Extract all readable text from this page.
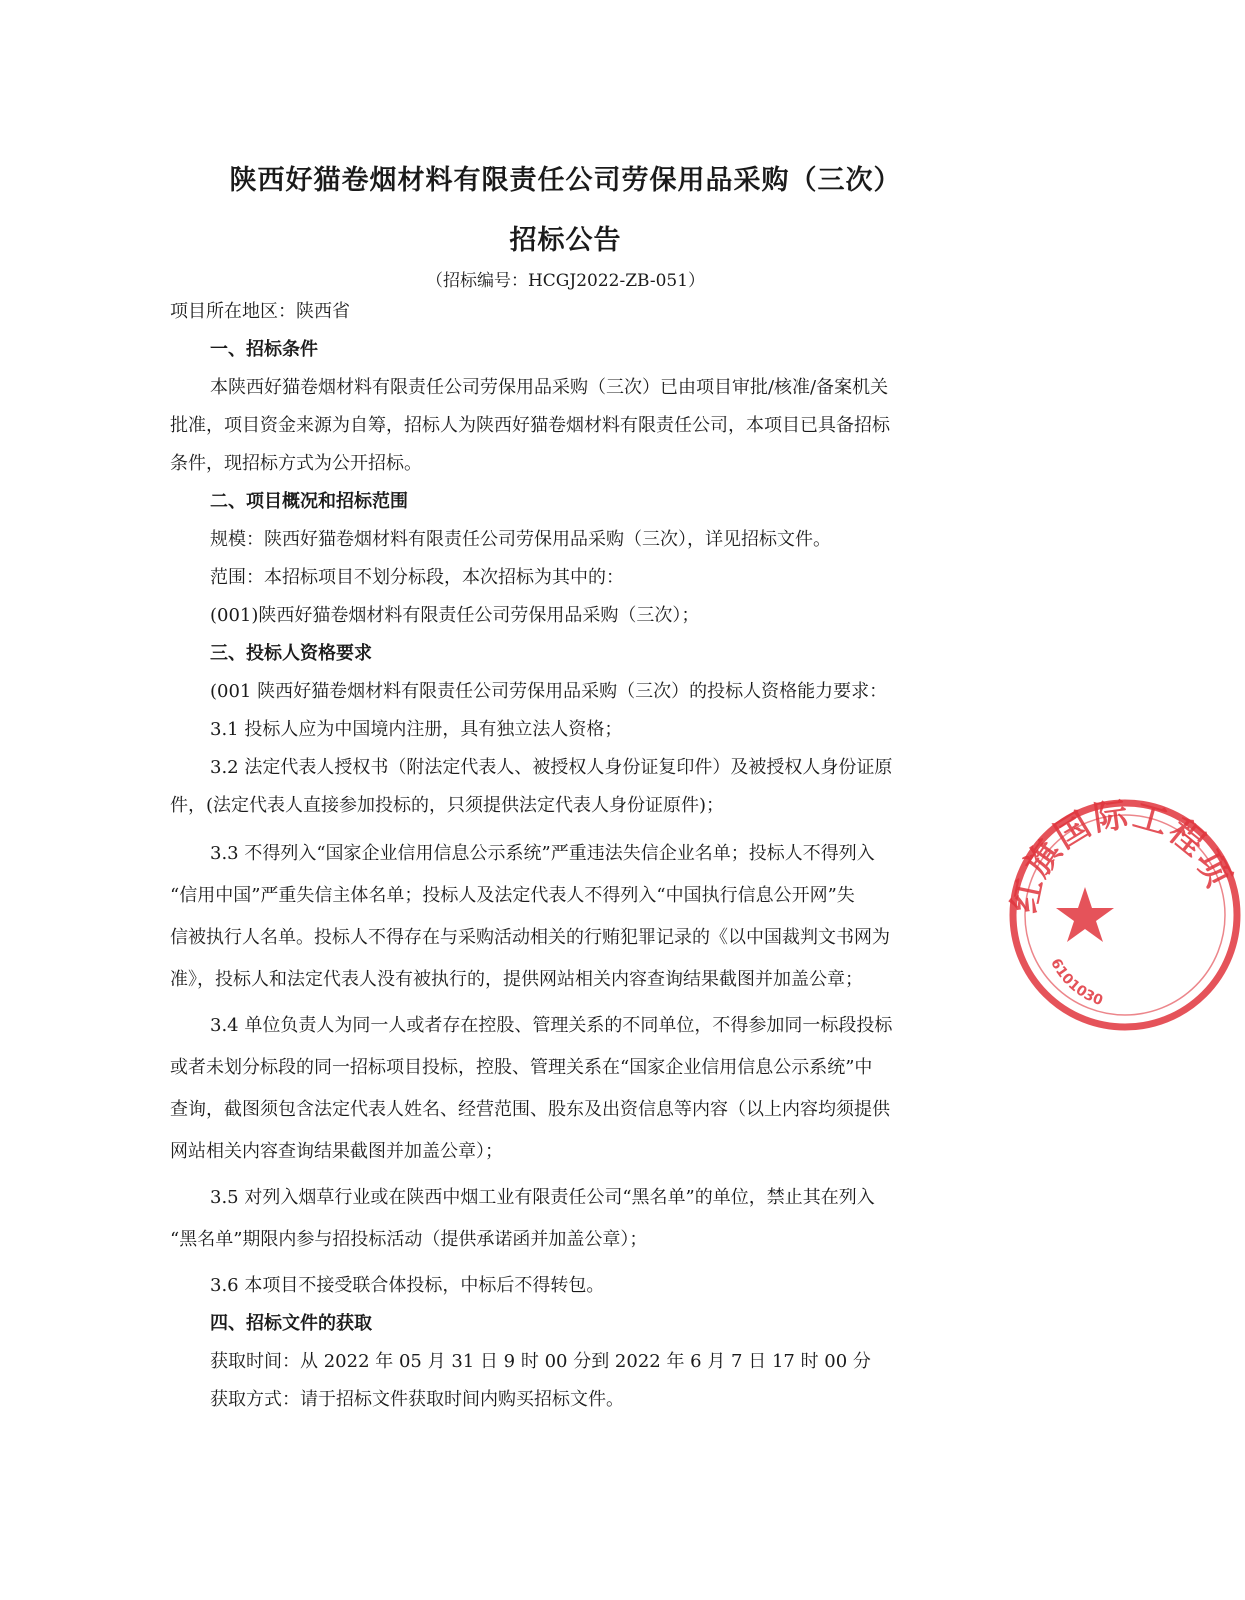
陕西好猫卷烟材料有限责任公司劳保用品采购（三次）
招标公告
（招标编号：HCGJ2022-ZB-051）
项目所在地区：陕西省
一、招标条件
本陕西好猫卷烟材料有限责任公司劳保用品采购（三次）已由项目审批/核准/备案机关
批准，项目资金来源为自筹，招标人为陕西好猫卷烟材料有限责任公司，本项目已具备招标
条件，现招标方式为公开招标。
二、项目概况和招标范围
规模：陕西好猫卷烟材料有限责任公司劳保用品采购（三次），详见招标文件。
范围：本招标项目不划分标段，本次招标为其中的：
(001)陕西好猫卷烟材料有限责任公司劳保用品采购（三次）；
三、投标人资格要求
(001 陕西好猫卷烟材料有限责任公司劳保用品采购（三次）的投标人资格能力要求：
3.1 投标人应为中国境内注册，具有独立法人资格；
3.2 法定代表人授权书（附法定代表人、被授权人身份证复印件）及被授权人身份证原
件，(法定代表人直接参加投标的，只须提供法定代表人身份证原件)；
3.3 不得列入“国家企业信用信息公示系统”严重违法失信企业名单；投标人不得列入
“信用中国”严重失信主体名单；投标人及法定代表人不得列入“中国执行信息公开网”失
信被执行人名单。投标人不得存在与采购活动相关的行贿犯罪记录的《以中国裁判文书网为
准》，投标人和法定代表人没有被执行的，提供网站相关内容查询结果截图并加盖公章；
3.4 单位负责人为同一人或者存在控股、管理关系的不同单位，不得参加同一标段投标
或者未划分标段的同一招标项目投标，控股、管理关系在“国家企业信用信息公示系统”中
查询，截图须包含法定代表人姓名、经营范围、股东及出资信息等内容（以上内容均须提供
网站相关内容查询结果截图并加盖公章）；
3.5 对列入烟草行业或在陕西中烟工业有限责任公司“黑名单”的单位，禁止其在列入
“黑名单”期限内参与招投标活动（提供承诺函并加盖公章）；
3.6 本项目不接受联合体投标，中标后不得转包。
四、招标文件的获取
获取时间：从 2022 年 05 月 31 日 9 时 00 分到 2022 年 6 月 7 日 17 时 00 分
获取方式：请于招标文件获取时间内购买招标文件。
红旗国际工程项
6101030
